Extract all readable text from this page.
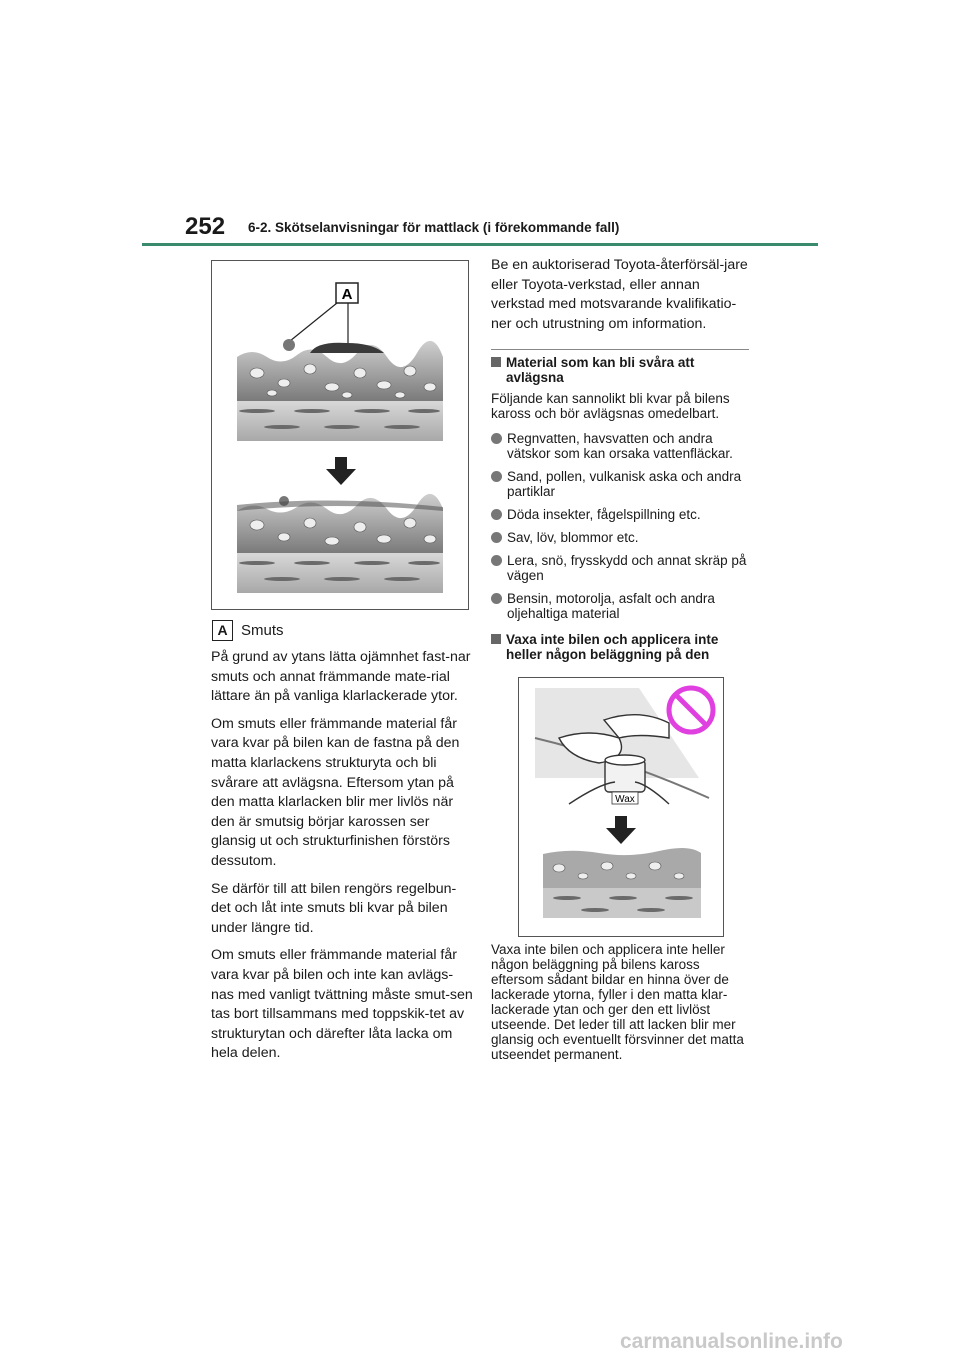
252 6-2. Skötselanvisningar för mattlack (i förekommande fall)
A
A Smuts

På grund av ytans lätta ojämnhet fast-nar smuts och annat främmande mate-rial lättare än på vanliga klarlackerade ytor.

Om smuts eller främmande material får vara kvar på bilen kan de fastna på den matta klarlackens strukturyta och bli svårare att avlägsna. Eftersom ytan på den matta klarlacken blir mer livlös när den är smutsig börjar karossen ser glansig ut och strukturfinishen förstörs dessutom.

Se därför till att bilen rengörs regelbun-det och låt inte smuts bli kvar på bilen under längre tid.

Om smuts eller främmande material får vara kvar på bilen och inte kan avlägs-nas med vanligt tvättning måste smut-sen tas bort tillsammans med toppskik-tet av strukturytan och därefter låta lacka om hela delen.

Be en auktoriserad Toyota-återförsäl-jare eller Toyota-verkstad, eller annan verkstad med motsvarande kvalifikatio-ner och utrustning om information.

Material som kan bli svåra att avlägsna
Följande kan sannolikt bli kvar på bilens kaross och bör avlägsnas omedelbart.
Regnvatten, havsvatten och andra vätskor som kan orsaka vattenfläckar.
Sand, pollen, vulkanisk aska och andra partiklar
Döda insekter, fågelspillning etc.
Sav, löv, blommor etc.
Lera, snö, frysskydd och annat skräp på vägen
Bensin, motorolja, asfalt och andra oljehaltiga material
Vaxa inte bilen och applicera inte heller någon beläggning på den
Wax
Vaxa inte bilen och applicera inte heller någon beläggning på bilens kaross eftersom sådant bildar en hinna över de lackerade ytorna, fyller i den matta klar-lackerade ytan och ger den ett livlöst utseende. Det leder till att lacken blir mer glansig och eventuellt försvinner det matta utseendet permanent.
carmanualsonline.info
